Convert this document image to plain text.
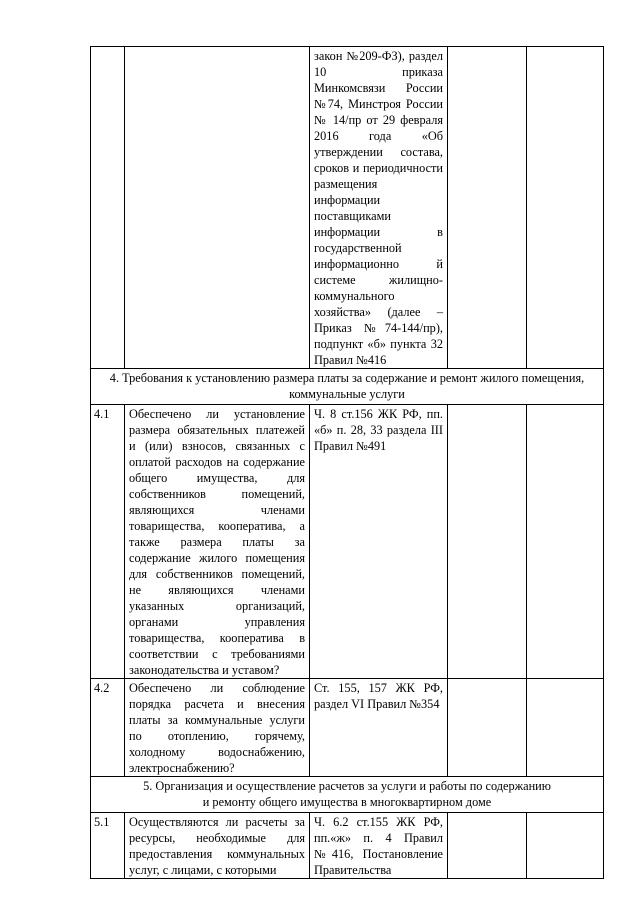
		закон №209-ФЗ), раздел 10 приказа Минкомсвязи России №74, Минстроя России № 14/пр от 29 февраля 2016 года «Об утверждении состава, сроков и периодичности размещения информации поставщиками информации в государственной информационно й системе жилищно-коммунального хозяйства» (далее – Приказ №74-144/пр), подпункт «б» пункта 32 Правил №416		

4. Требования к установлению размера платы за содержание и ремонт жилого помещения,
коммунальные услуги				

4.1	Обеспечено ли установление размера обязательных платежей и (или) взносов, связанных с оплатой расходов на содержание общего имущества, для собственников помещений, являющихся членами товарищества, кооператива, а также размера платы за содержание жилого помещения для собственников помещений, не являющихся членами указанных организаций, органами управления товарищества, кооператива в соответствии с требованиями законодательства и уставом?	Ч. 8 ст.156 ЖК РФ, пп. «б» п. 28, 33 раздела III Правил №491		
4.2	Обеспечено ли соблюдение порядка расчета и внесения платы за коммунальные услуги по отоплению, горячему, холодному водоснабжению, электроснабжению?	Ст. 155, 157 ЖК РФ, раздел VI Правил №354		

5. Организация и осуществление расчетов за услуги и работы по содержанию
и ремонту общего имущества в многоквартирном доме				

5.1	Осуществляются ли расчеты за ресурсы, необходимые для предоставления коммунальных услуг, с лицами, с которыми	Ч. 6.2 ст.155 ЖК РФ, пп.«ж» п. 4 Правил №416, Постановление Правительства		
